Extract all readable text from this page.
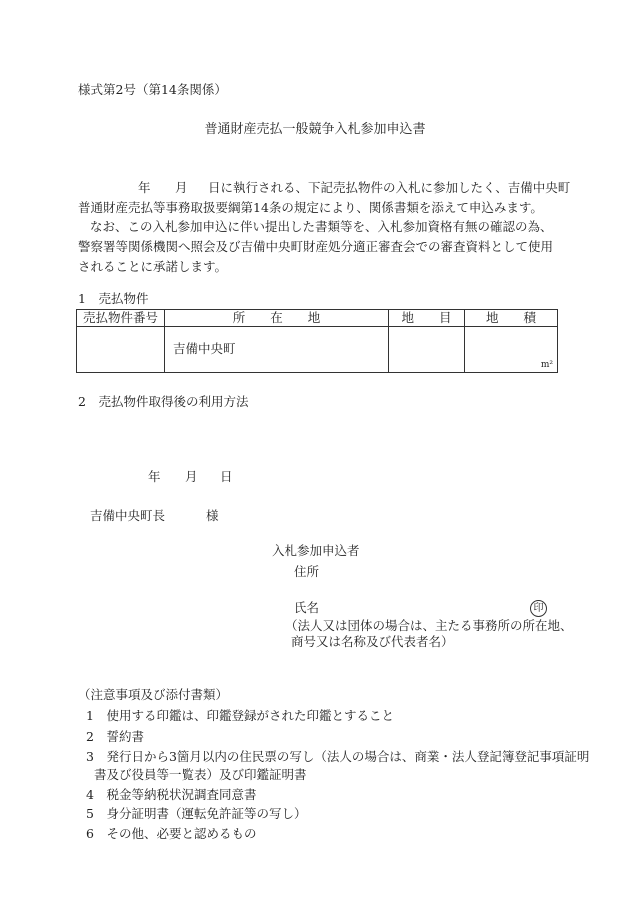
様式第2号（第14条関係）
普通財産売払一般競争入札参加申込書
年 月 日に執行される、下記売払物件の入札に参加したく、吉備中央町
普通財産売払等事務取扱要綱第14条の規定により、関係書類を添えて申込みます。
なお、この入札参加申込に伴い提出した書類等を、入札参加資格有無の確認の為、警察署等関係機関へ照会及び吉備中央町財産処分適正審査会での審査資料として使用されることに承諾します。
1　売払物件
売払物件番号	所　　在　　地	地　　目	地　　積
	吉備中央町		m²
2　売払物件取得後の利用方法
年 月 日
吉備中央町長	様
入札参加申込者
住所
氏名	印
（法人又は団体の場合は、主たる事務所の所在地、
商号又は名称及び代表者名）
（注意事項及び添付書類）
1　使用する印鑑は、印鑑登録がされた印鑑とすること
2　誓約書
3　発行日から3箇月以内の住民票の写し（法人の場合は、商業・法人登記簿登記事項証明
書及び役員等一覧表）及び印鑑証明書
4　税金等納税状況調査同意書
5　身分証明書（運転免許証等の写し）
6　その他、必要と認めるもの
